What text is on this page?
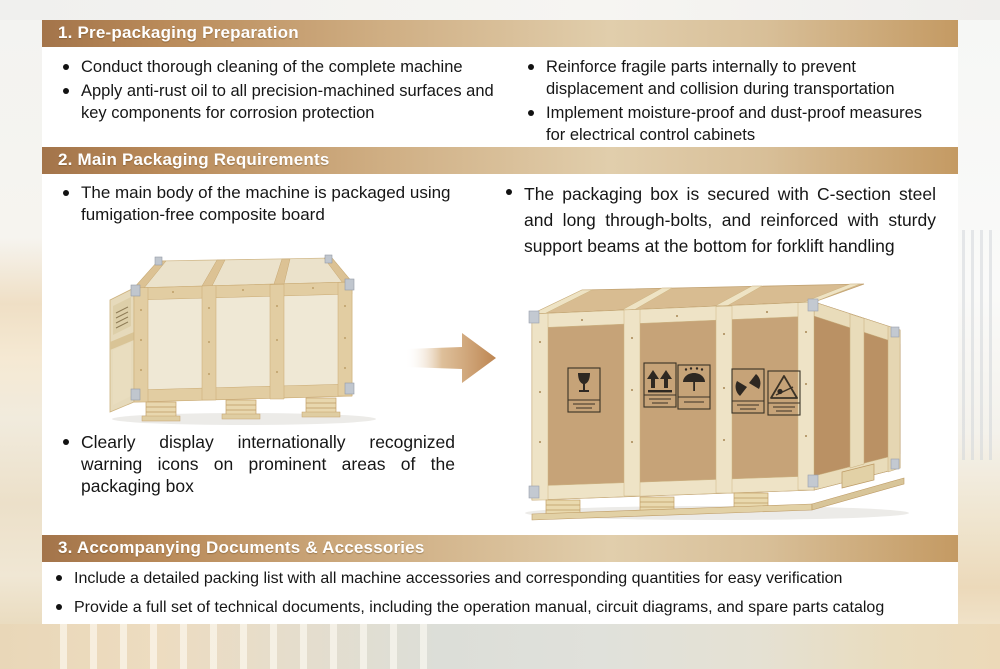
1. Pre-packaging Preparation
Conduct thorough cleaning of the complete machine
Apply anti-rust oil to all precision-machined surfaces and key components for corrosion protection
Reinforce fragile parts internally to prevent displacement and collision during transportation
Implement moisture-proof and dust-proof measures for electrical control cabinets
2. Main Packaging Requirements
The main body of the machine is packaged using fumigation-free composite board
Clearly display internationally recognized warning icons on prominent areas of the packaging box
The packaging box is secured with C-section steel and long through-bolts, and reinforced with sturdy support beams at the bottom for forklift handling
3. Accompanying Documents & Accessories
Include a detailed packing list with all machine accessories and corresponding quantities for easy verification
Provide a full set of technical documents, including the operation manual, circuit diagrams, and spare parts catalog
